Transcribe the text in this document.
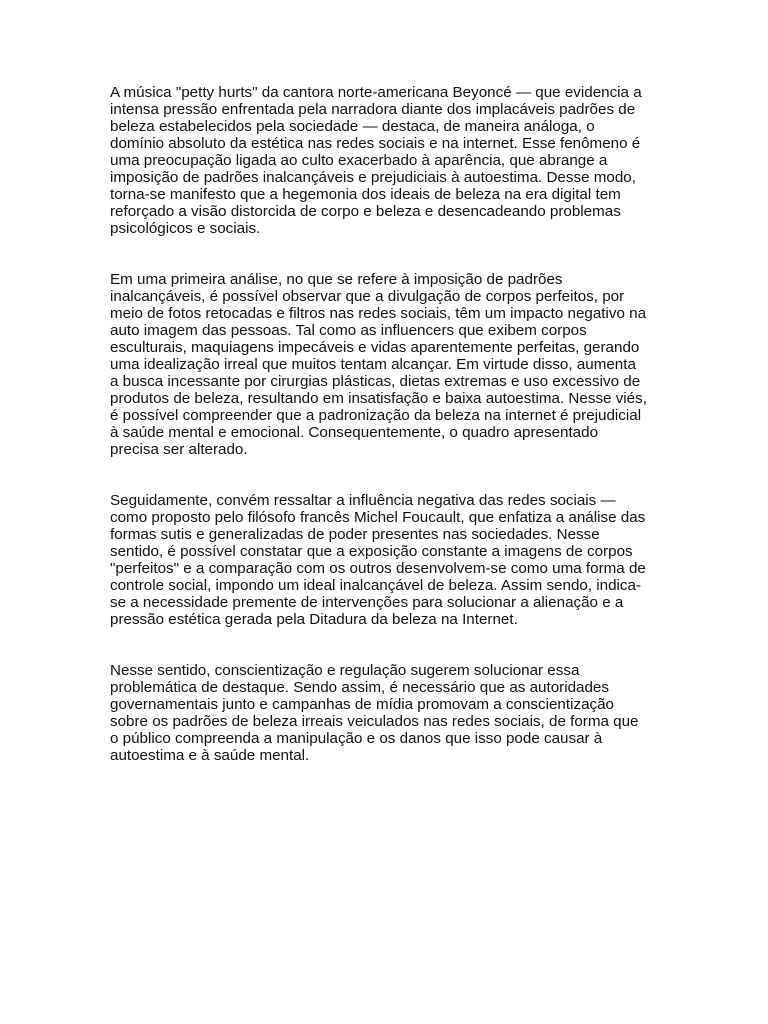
A música "petty hurts" da cantora norte-americana Beyoncé — que evidencia a
intensa pressão enfrentada pela narradora diante dos implacáveis padrões de
beleza estabelecidos pela sociedade — destaca, de maneira análoga, o
domínio absoluto da estética nas redes sociais e na internet. Esse fenômeno é
uma preocupação ligada ao culto exacerbado à aparência, que abrange a
imposição de padrões inalcançáveis e prejudiciais à autoestima. Desse modo,
torna-se manifesto que a hegemonia dos ideais de beleza na era digital tem
reforçado a visão distorcida de corpo e beleza e desencadeando problemas
psicológicos e sociais.

Em uma primeira análise, no que se refere à imposição de padrões
inalcançáveis, é possível observar que a divulgação de corpos perfeitos, por
meio de fotos retocadas e filtros nas redes sociais, têm um impacto negativo na
auto imagem das pessoas. Tal como as influencers que exibem corpos
esculturais, maquiagens impecáveis e vidas aparentemente perfeitas, gerando
uma idealização irreal que muitos tentam alcançar. Em virtude disso, aumenta
a busca incessante por cirurgias plásticas, dietas extremas e uso excessivo de
produtos de beleza, resultando em insatisfação e baixa autoestima. Nesse viés,
é possível compreender que a padronização da beleza na internet é prejudicial
à saúde mental e emocional. Consequentemente, o quadro apresentado
precisa ser alterado.

Seguidamente, convém ressaltar a influência negativa das redes sociais —
como proposto pelo filósofo francês Michel Foucault, que enfatiza a análise das
formas sutis e generalizadas de poder presentes nas sociedades. Nesse
sentido, é possível constatar que a exposição constante a imagens de corpos
"perfeitos" e a comparação com os outros desenvolvem-se como uma forma de
controle social, impondo um ideal inalcançável de beleza. Assim sendo, indica-
se a necessidade premente de intervenções para solucionar a alienação e a
pressão estética gerada pela Ditadura da beleza na Internet.

Nesse sentido, conscientização e regulação sugerem solucionar essa
problemática de destaque. Sendo assim, é necessário que as autoridades
governamentais junto e campanhas de mídia promovam a conscientização
sobre os padrões de beleza irreais veiculados nas redes sociais, de forma que
o público compreenda a manipulação e os danos que isso pode causar à
autoestima e à saúde mental.
